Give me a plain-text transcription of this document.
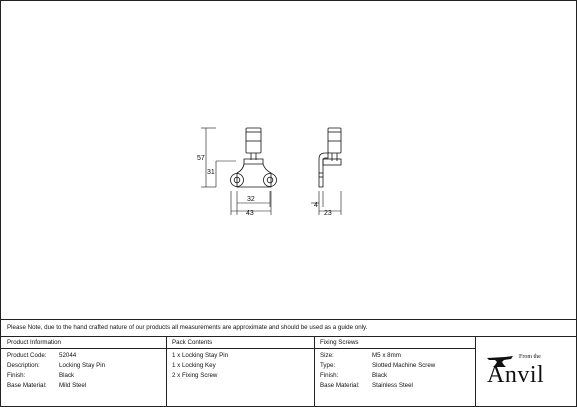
57
31
32
43
4
23
Please Note, due to the hand crafted nature of our products all measurements are approximate and should be used as a guide only.
Product Information
Product Code: 52044
Description:	Locking Stay Pin
Finish:	Black
Base Material: Mild Steel
Pack Contents
1 x Locking Stay Pin
1 x Locking Key
2 x Fixing Screw
Fixing Screws
Size:	M5 x 8mm
Type:	Slotted Machine Screw
Finish:	Black
Base Material: Stainless Steel
From the
Anvil
